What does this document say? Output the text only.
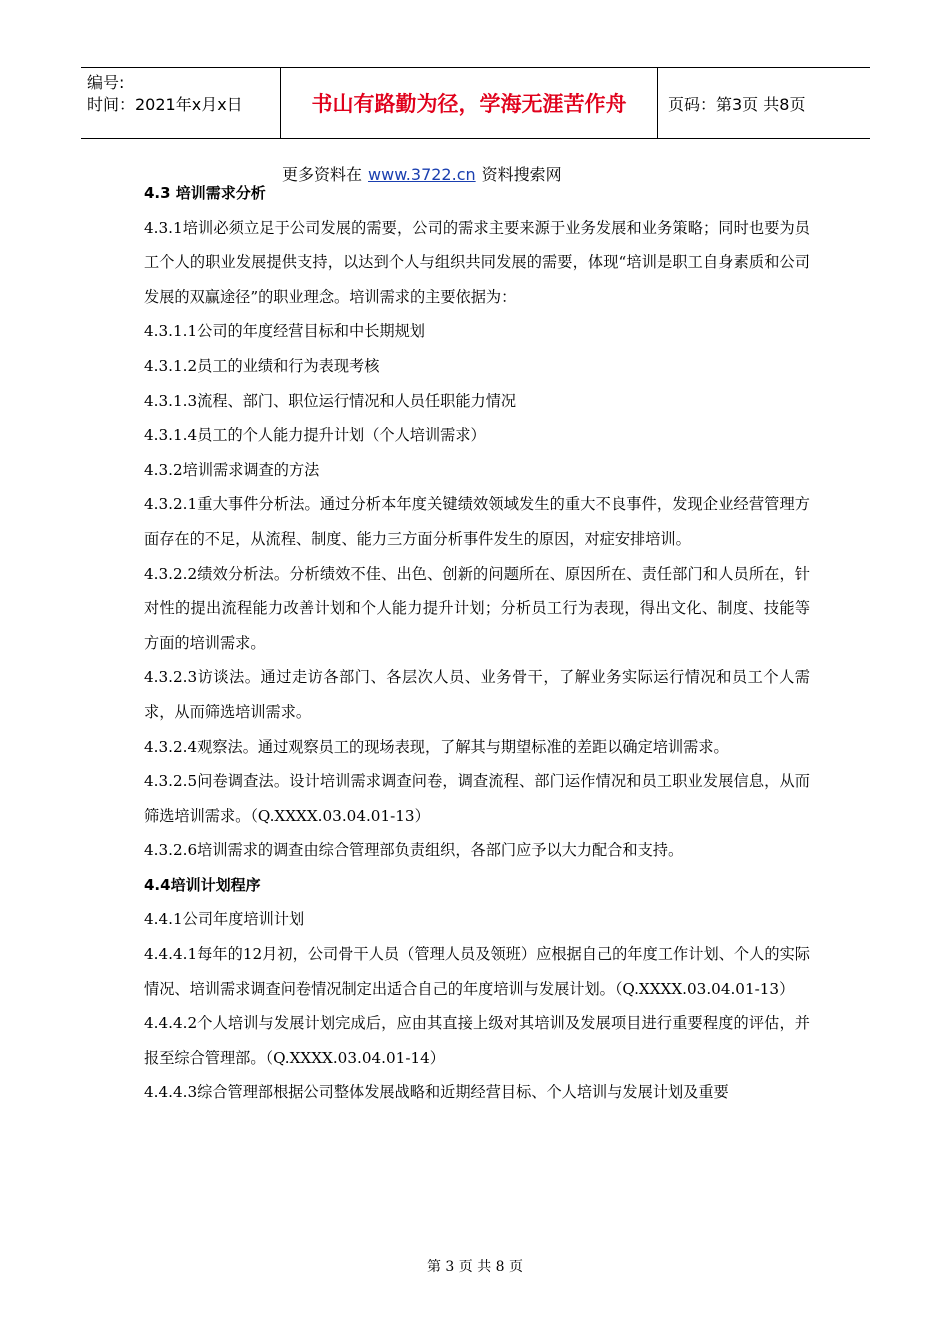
编号:
时间：2021年x月x日	书山有路勤为径，学海无涯苦作舟	页码：第3页 共8页
更多资料在 www.3722.cn 资料搜索网

4.3 培训需求分析

4.3.1培训必须立足于公司发展的需要，公司的需求主要来源于业务发展和业务策略；同时也要为员工个人的职业发展提供支持，以达到个人与组织共同发展的需要，体现“培训是职工自身素质和公司发展的双赢途径”的职业理念。培训需求的主要依据为：

4.3.1.1公司的年度经营目标和中长期规划

4.3.1.2员工的业绩和行为表现考核

4.3.1.3流程、部门、职位运行情况和人员任职能力情况

4.3.1.4员工的个人能力提升计划（个人培训需求）

4.3.2培训需求调查的方法

4.3.2.1重大事件分析法。通过分析本年度关键绩效领域发生的重大不良事件，发现企业经营管理方面存在的不足，从流程、制度、能力三方面分析事件发生的原因，对症安排培训。

4.3.2.2绩效分析法。分析绩效不佳、出色、创新的问题所在、原因所在、责任部门和人员所在，针对性的提出流程能力改善计划和个人能力提升计划；分析员工行为表现，得出文化、制度、技能等方面的培训需求。

4.3.2.3访谈法。通过走访各部门、各层次人员、业务骨干，了解业务实际运行情况和员工个人需求，从而筛选培训需求。

4.3.2.4观察法。通过观察员工的现场表现，了解其与期望标准的差距以确定培训需求。

4.3.2.5问卷调查法。设计培训需求调查问卷，调查流程、部门运作情况和员工职业发展信息，从而筛选培训需求。（Q.XXXX.03.04.01-13）

4.3.2.6培训需求的调查由综合管理部负责组织，各部门应予以大力配合和支持。

4.4培训计划程序

4.4.1公司年度培训计划

4.4.4.1每年的12月初，公司骨干人员（管理人员及领班）应根据自己的年度工作计划、个人的实际情况、培训需求调查问卷情况制定出适合自己的年度培训与发展计划。（Q.XXXX.03.04.01-13）

4.4.4.2个人培训与发展计划完成后，应由其直接上级对其培训及发展项目进行重要程度的评估，并报至综合管理部。（Q.XXXX.03.04.01-14）

4.4.4.3综合管理部根据公司整体发展战略和近期经营目标、个人培训与发展计划及重要

第 3 页 共 8 页
